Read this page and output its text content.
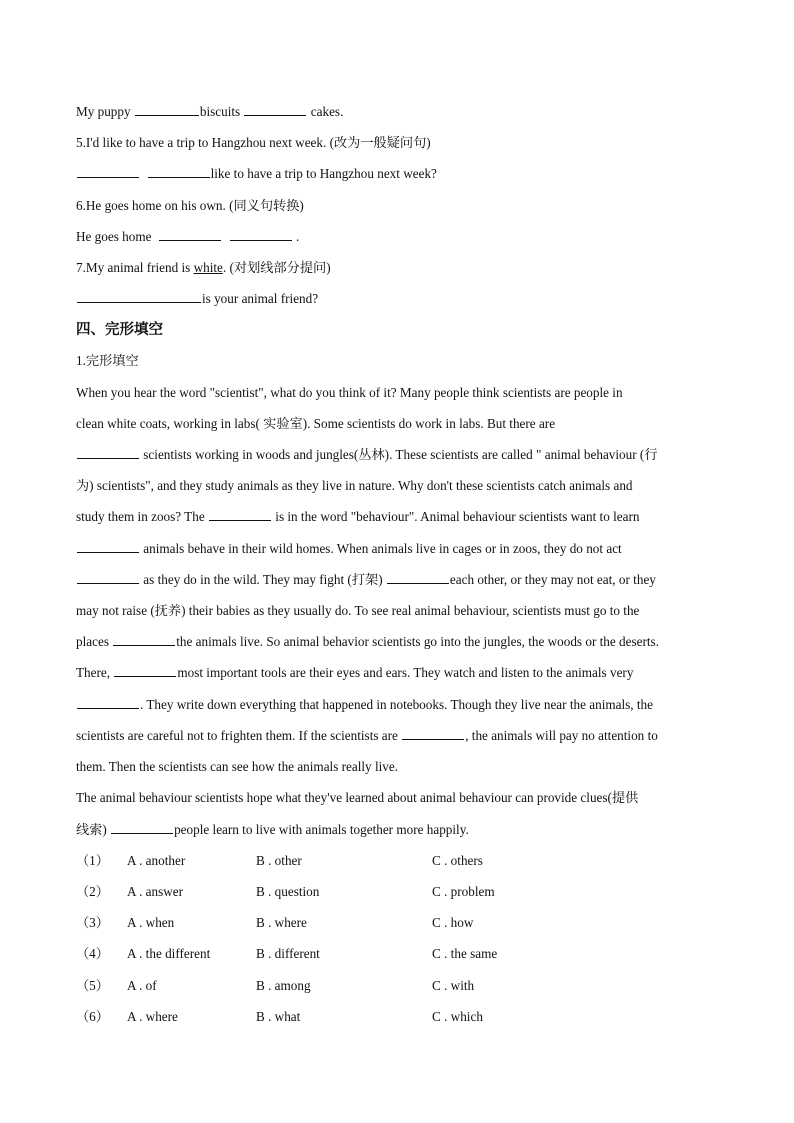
My puppy	biscuits	cakes.
5.I'd like to have a trip to Hangzhou next week. (改为一般疑问句)
like to have a trip to Hangzhou next week?
6.He goes home on his own. (同义句转换)
He goes home	.
7.My animal friend is white. (对划线部分提问)
is your animal friend?
四、完形填空
1.完形填空
When you hear the word "scientist", what do you think of it? Many people think scientists are people in
clean white coats, working in labs( 实验室). Some scientists do work in labs. But there are
scientists working in woods and jungles(丛林). These scientists are called " animal behaviour (行
为) scientists", and they study animals as they live in nature. Why don't these scientists catch animals and
study them in zoos? The	is in the word "behaviour". Animal behaviour scientists want to learn
animals behave in their wild homes. When animals live in cages or in zoos, they do not act
as they do in the wild. They may fight (打架)	each other, or they may not eat, or they
may not raise (抚养) their babies as they usually do. To see real animal behaviour, scientists must go to the
places	the animals live. So animal behavior scientists go into the jungles, the woods or the deserts.
There,	most important tools are their eyes and ears. They watch and listen to the animals very
. They write down everything that happened in notebooks. Though they live near the animals, the
scientists are careful not to frighten them. If the scientists are	, the animals will pay no attention to
them. Then the scientists can see how the animals really live.
The animal behaviour scientists hope what they've learned about animal behaviour can provide clues(提供
线索)	people learn to live with animals together more happily.
（1） A . another	B . other	C . others
（2） A . answer	B . question	C . problem
（3） A . when	B . where	C . how
（4） A . the different	B . different	C . the same
（5） A . of	B . among	C . with
（6） A . where	B . what	C . which
